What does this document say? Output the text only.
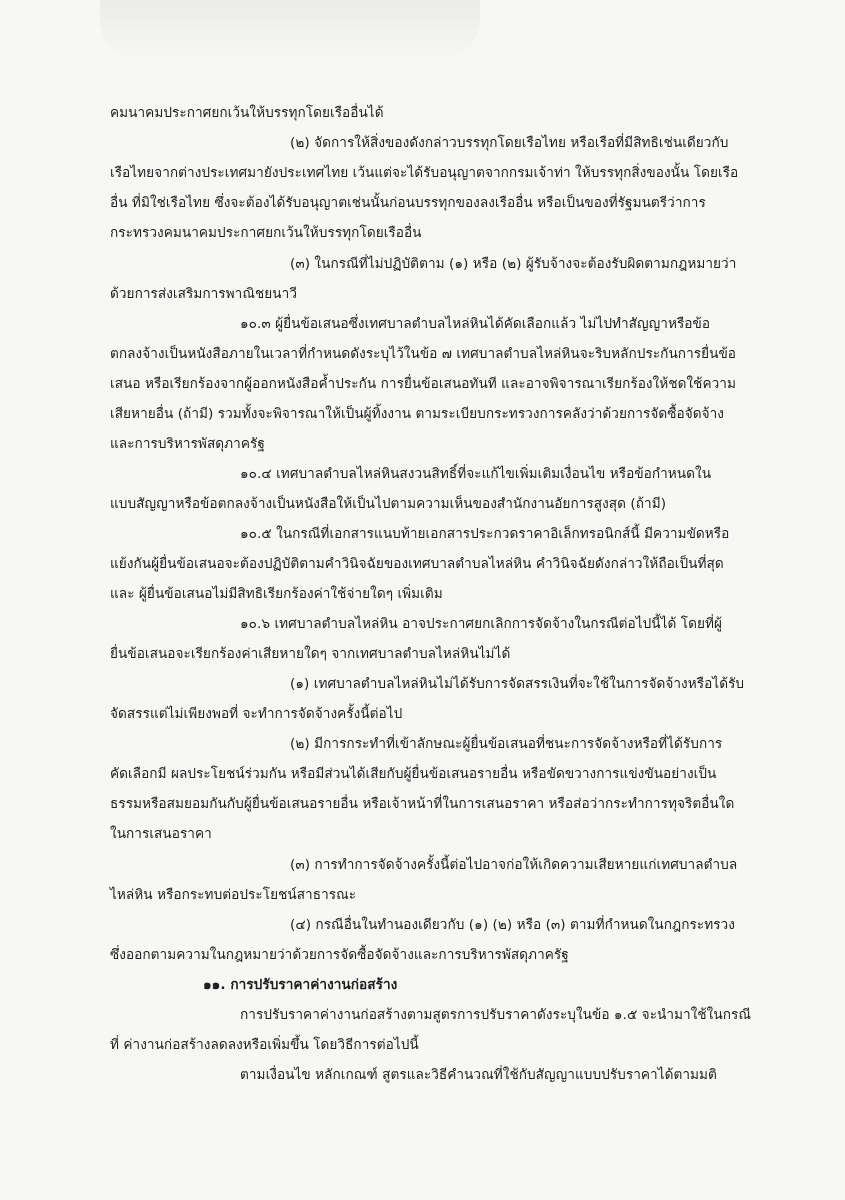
คมนาคมประกาศยกเว้นให้บรรทุกโดยเรืออื่นได้
(๒) จัดการให้สิ่งของดังกล่าวบรรทุกโดยเรือไทย หรือเรือที่มีสิทธิเช่นเดียวกับ
เรือไทยจากต่างประเทศมายังประเทศไทย เว้นแต่จะได้รับอนุญาตจากกรมเจ้าท่า ให้บรรทุกสิ่งของนั้น โดยเรือ
อื่น ที่มิใช่เรือไทย ซึ่งจะต้องได้รับอนุญาตเช่นนั้นก่อนบรรทุกของลงเรืออื่น หรือเป็นของที่รัฐมนตรีว่าการ
กระทรวงคมนาคมประกาศยกเว้นให้บรรทุกโดยเรืออื่น
(๓) ในกรณีที่ไม่ปฏิบัติตาม (๑) หรือ (๒) ผู้รับจ้างจะต้องรับผิดตามกฎหมายว่า
ด้วยการส่งเสริมการพาณิชยนาวี
๑๐.๓ ผู้ยื่นข้อเสนอซึ่งเทศบาลตำบลไหล่หินได้คัดเลือกแล้ว ไม่ไปทำสัญญาหรือข้อ
ตกลงจ้างเป็นหนังสือภายในเวลาที่กำหนดดังระบุไว้ในข้อ ๗ เทศบาลตำบลไหล่หินจะริบหลักประกันการยื่นข้อ
เสนอ หรือเรียกร้องจากผู้ออกหนังสือค้ำประกัน การยื่นข้อเสนอทันที และอาจพิจารณาเรียกร้องให้ชดใช้ความ
เสียหายอื่น (ถ้ามี) รวมทั้งจะพิจารณาให้เป็นผู้ทิ้งงาน ตามระเบียบกระทรวงการคลังว่าด้วยการจัดซื้อจัดจ้าง
และการบริหารพัสดุภาครัฐ
๑๐.๔ เทศบาลตำบลไหล่หินสงวนสิทธิ์ที่จะแก้ไขเพิ่มเติมเงื่อนไข หรือข้อกำหนดใน
แบบสัญญาหรือข้อตกลงจ้างเป็นหนังสือให้เป็นไปตามความเห็นของสำนักงานอัยการสูงสุด (ถ้ามี)
๑๐.๕ ในกรณีที่เอกสารแนบท้ายเอกสารประกวดราคาอิเล็กทรอนิกส์นี้ มีความขัดหรือ
แย้งกันผู้ยื่นข้อเสนอจะต้องปฏิบัติตามคำวินิจฉัยของเทศบาลตำบลไหล่หิน คำวินิจฉัยดังกล่าวให้ถือเป็นที่สุด
และ ผู้ยื่นข้อเสนอไม่มีสิทธิเรียกร้องค่าใช้จ่ายใดๆ เพิ่มเติม
๑๐.๖ เทศบาลตำบลไหล่หิน อาจประกาศยกเลิกการจัดจ้างในกรณีต่อไปนี้ได้ โดยที่ผู้
ยื่นข้อเสนอจะเรียกร้องค่าเสียหายใดๆ จากเทศบาลตำบลไหล่หินไม่ได้
(๑) เทศบาลตำบลไหล่หินไม่ได้รับการจัดสรรเงินที่จะใช้ในการจัดจ้างหรือได้รับ
จัดสรรแต่ไม่เพียงพอที่ จะทำการจัดจ้างครั้งนี้ต่อไป
(๒) มีการกระทำที่เข้าลักษณะผู้ยื่นข้อเสนอที่ชนะการจัดจ้างหรือที่ได้รับการ
คัดเลือกมี ผลประโยชน์ร่วมกัน หรือมีส่วนได้เสียกับผู้ยื่นข้อเสนอรายอื่น หรือขัดขวางการแข่งขันอย่างเป็น
ธรรมหรือสมยอมกันกับผู้ยื่นข้อเสนอรายอื่น หรือเจ้าหน้าที่ในการเสนอราคา หรือส่อว่ากระทำการทุจริตอื่นใด
ในการเสนอราคา
(๓) การทำการจัดจ้างครั้งนี้ต่อไปอาจก่อให้เกิดความเสียหายแก่เทศบาลตำบล
ไหล่หิน หรือกระทบต่อประโยชน์สาธารณะ
(๔) กรณีอื่นในทำนองเดียวกับ (๑) (๒) หรือ (๓) ตามที่กำหนดในกฎกระทรวง
ซึ่งออกตามความในกฎหมายว่าด้วยการจัดซื้อจัดจ้างและการบริหารพัสดุภาครัฐ
๑๑. การปรับราคาค่างานก่อสร้าง
การปรับราคาค่างานก่อสร้างตามสูตรการปรับราคาดังระบุในข้อ ๑.๕ จะนำมาใช้ในกรณี
ที่ ค่างานก่อสร้างลดลงหรือเพิ่มขึ้น โดยวิธีการต่อไปนี้
ตามเงื่อนไข หลักเกณฑ์ สูตรและวิธีคำนวณที่ใช้กับสัญญาแบบปรับราคาได้ตามมติ
